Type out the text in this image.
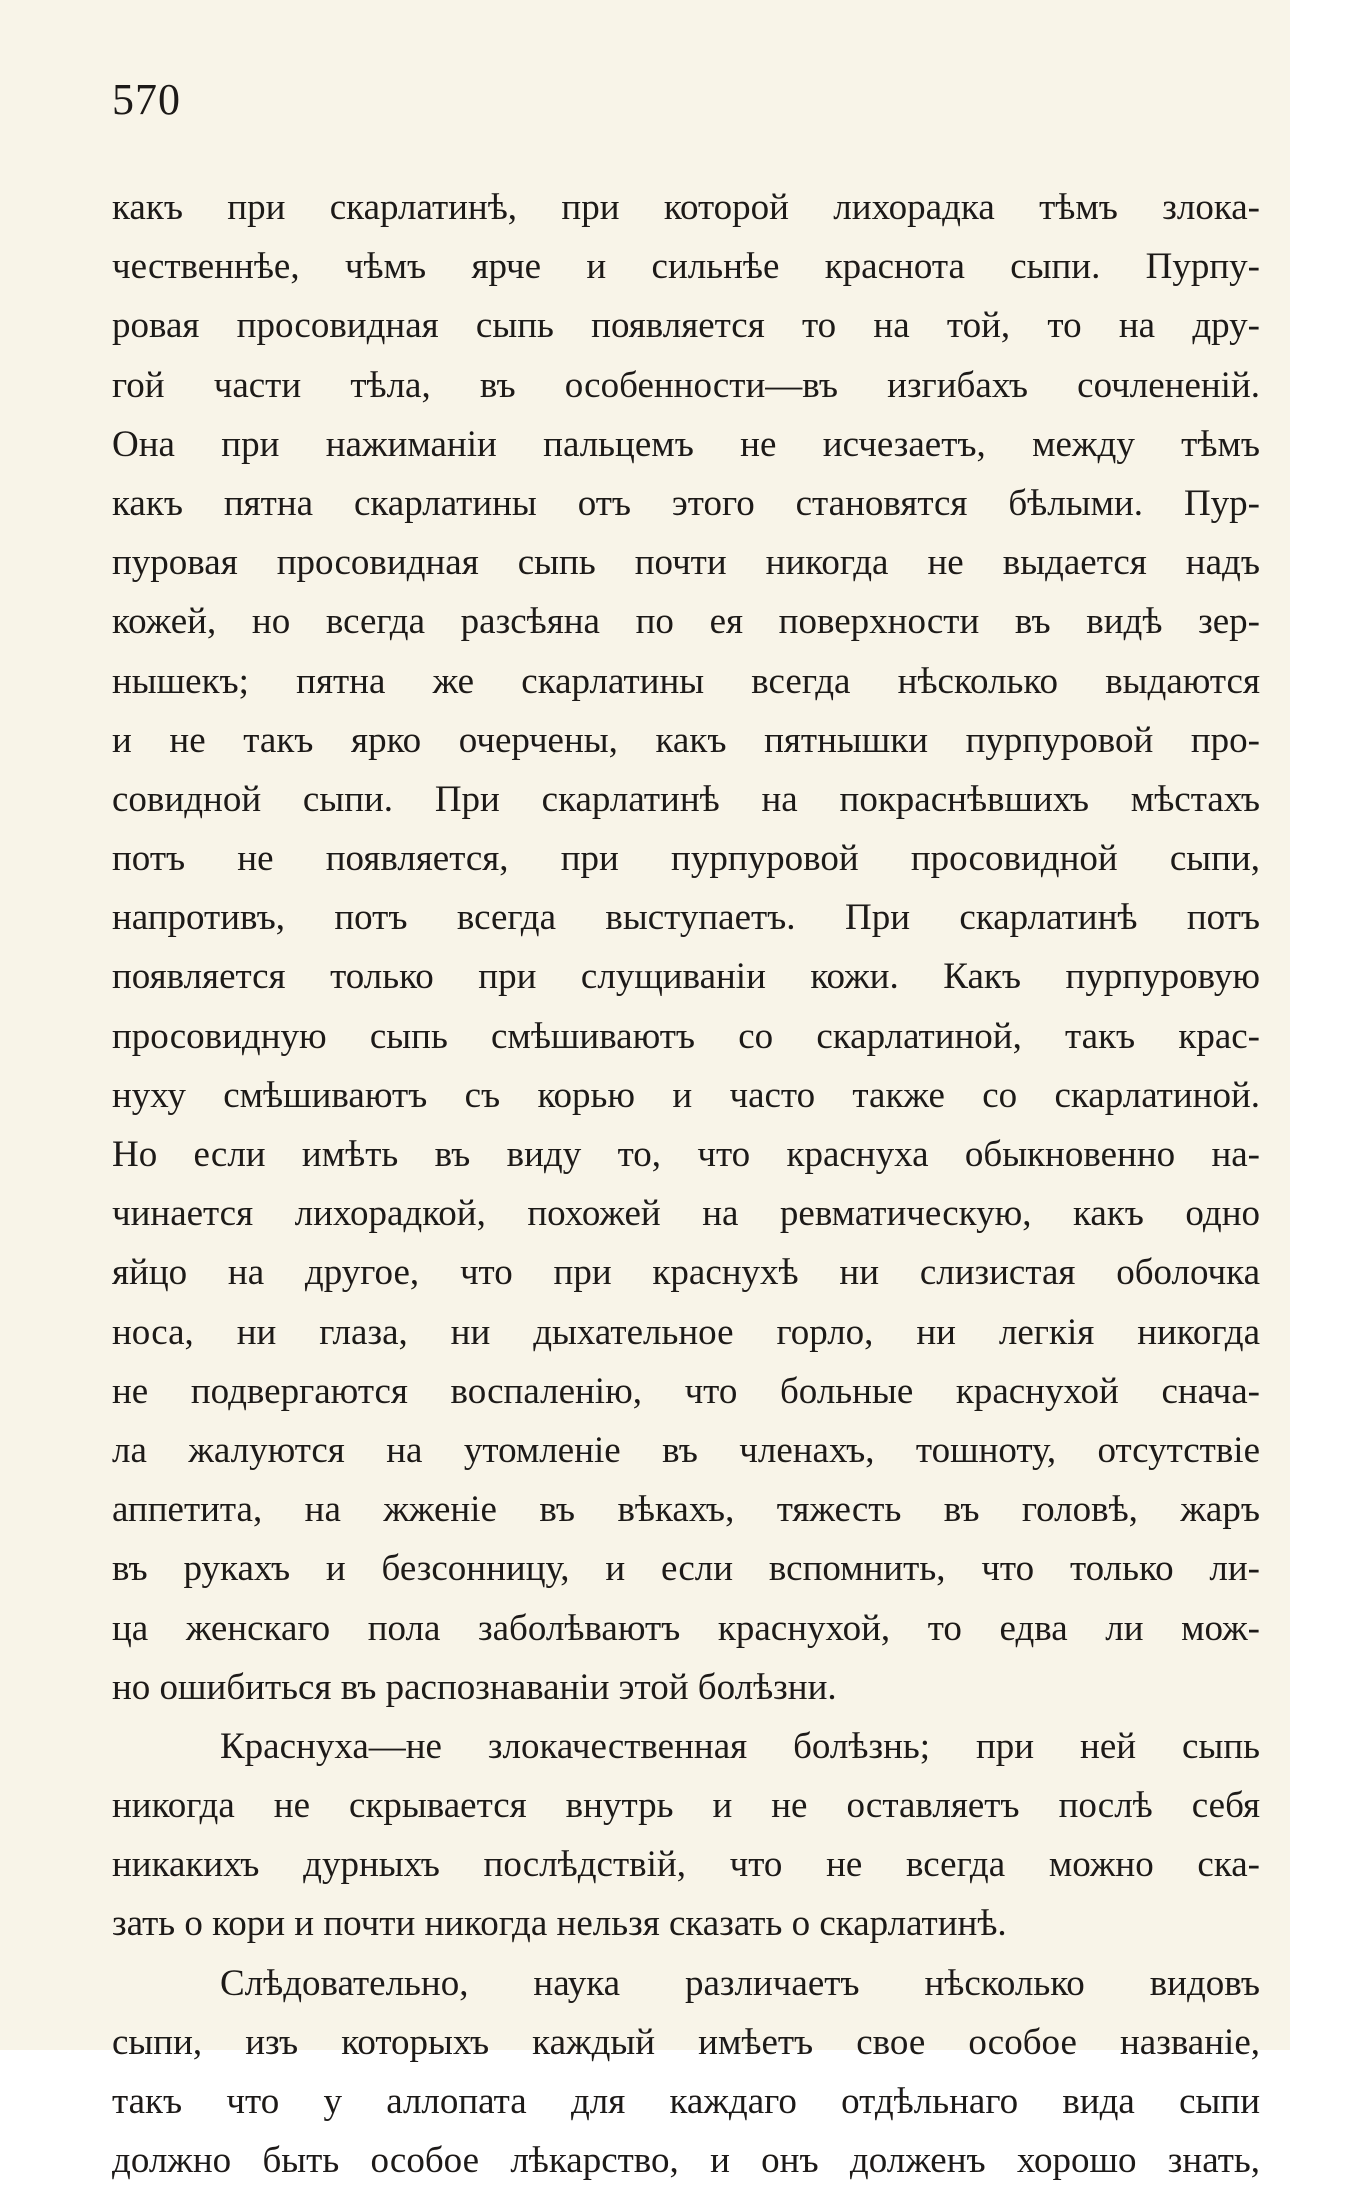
570
какъ при скарлатинѣ, при которой лихорадка тѣмъ злока-
чественнѣе, чѣмъ ярче и сильнѣе краснота сыпи. Пурпу-
ровая просовидная сыпь появляется то на той, то на дру-
гой части тѣла, въ особенности—въ изгибахъ сочлененій.
Она при нажиманіи пальцемъ не исчезаетъ, между тѣмъ
какъ пятна скарлатины отъ этого становятся бѣлыми. Пур-
пуровая просовидная сыпь почти никогда не выдается надъ
кожей, но всегда разсѣяна по ея поверхности въ видѣ зер-
нышекъ; пятна же скарлатины всегда нѣсколько выдаются
и не такъ ярко очерчены, какъ пятнышки пурпуровой про-
совидной сыпи. При скарлатинѣ на покраснѣвшихъ мѣстахъ
потъ не появляется, при пурпуровой просовидной сыпи,
напротивъ, потъ всегда выступаетъ. При скарлатинѣ потъ
появляется только при слущиваніи кожи. Какъ пурпуровую
просовидную сыпь смѣшиваютъ со скарлатиной, такъ крас-
нуху смѣшиваютъ съ корью и часто также со скарлатиной.
Но если имѣть въ виду то, что краснуха обыкновенно на-
чинается лихорадкой, похожей на ревматическую, какъ одно
яйцо на другое, что при краснухѣ ни слизистая оболочка
носа, ни глаза, ни дыхательное горло, ни легкія никогда
не подвергаются воспаленію, что больные краснухой снача-
ла жалуются на утомленіе въ членахъ, тошноту, отсутствіе
аппетита, на жженіе въ вѣкахъ, тяжесть въ головѣ, жаръ
въ рукахъ и безсонницу, и если вспомнить, что только ли-
ца женскаго пола заболѣваютъ краснухой, то едва ли мож-
но ошибиться въ распознаваніи этой болѣзни.
Краснуха—не злокачественная болѣзнь; при ней сыпь
никогда не скрывается внутрь и не оставляетъ послѣ себя
никакихъ дурныхъ послѣдствій, что не всегда можно ска-
зать о кори и почти никогда нельзя сказать о скарлатинѣ.
Слѣдовательно, наука различаетъ нѣсколько видовъ
сыпи, изъ которыхъ каждый имѣетъ свое особое названіе,
такъ что у аллопата для каждаго отдѣльнаго вида сыпи
должно быть особое лѣкарство, и онъ долженъ хорошо знать,
